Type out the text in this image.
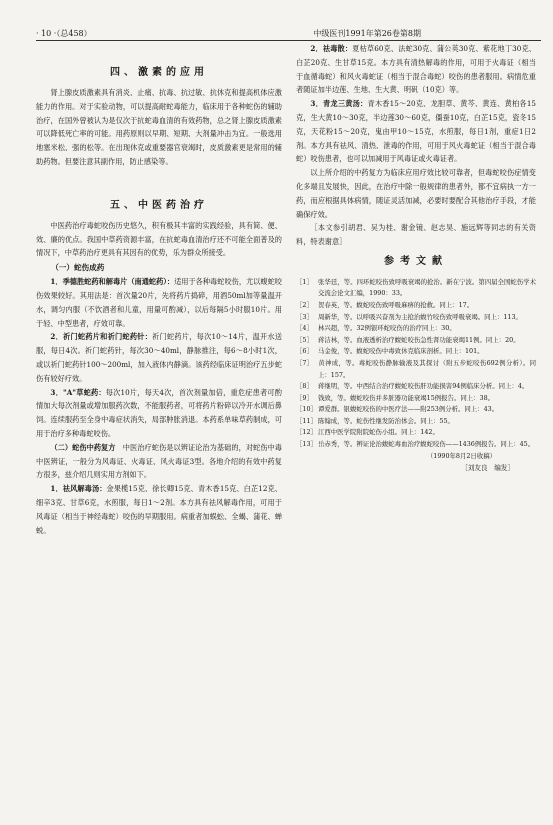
· 10 ·（总458）	中级医刊1991年第26卷第8期
四、激素的应用

肾上腺皮质激素具有消炎、止痛、抗毒、抗过敏、抗休克和提高机体应激能力的作用。对于实验动物，可以提高耐蛇毒能力，临床用于各种蛇伤的辅助治疗，在国外曾被认为是仅次于抗蛇毒血清的有效药物，总之肾上腺皮质激素可以降低死亡率的可能。用药原则以早期、短期、大剂量冲击为宜。一般选用地塞米松、强的松等。在出现休克或重要器官衰竭时，皮质激素更是常用的辅助药物。但要注意其副作用，防止感染等。

五、中医药治疗

中医药治疗毒蛇咬伤历史悠久，积有极其丰富的实践经验，具有简、便、效、廉的优点。我国中草药资源丰富，在抗蛇毒血清治疗还不可能全面普及的情况下，中草药治疗更具有其因有的优势，乐为群众所接受。

（一）蛇伤成药

1．季德胜蛇药和解毒片（南通蛇药）：适用于各种毒蛇咬伤，尤以蝮蛇咬伤效果较好。其用法是：首次量20片，先将药片捣碎，用酒50ml加等量温开水，调匀内服（不饮酒者和儿童，用量可酌减），以后每隔5小时服10片。用于轻、中型患者，疗效可靠。

2．祈门蛇药片和祈门蛇药针：祈门蛇药片，每次10～14片，温开水送服，每日4次。祈门蛇药针，每次30～40ml，静脉推注，每6～8小时1次，或以祈门蛇药针100～200ml，加入液体内静滴。该药经临床证明治疗五步蛇伤有较好疗效。

3．"A"草蛇药：每次10片，每天4次，首次剂量加倍，重危症患者可酌情加大每次剂量或增加服药次数，不能服药者，可将药片粉碎以冷开水调后鼻饲。连续服药至全身中毒症状消失，局部肿胀消退。本药系单味草药制成，可用于治疗多种毒蛇咬伤。

（二）蛇伤中药复方　 中医治疗蛇伤是以辨证论治为基础的，对蛇伤中毒中医辨证，一般分为风毒证、火毒证、风火毒证3型。各地介绍的有效中药复方很多，兹介绍几则实用方剂如下。

1．祛风解毒汤：金果榄15克、徐长卿15克、青木香15克、白芷12克、细辛3克、甘草6克，水煎服，每日1～2剂。本方具有祛风解毒作用，可用于风毒证（相当于神经毒蛇）咬伤的早期服用。病重者加蜈蚣、全蝎、蒲花、蝉蜕。

2．祛毒散：夏枯草60克、法蛇30克、蒲公英30克、紫花地丁30克、白芷20克、生甘草15克。本方具有清热解毒的作用，可用于火毒证（相当于血循毒蛇）和风火毒蛇证（相当于混合毒蛇）咬伤的患者服用。病情危重者随证加半边莲、生地、生大黄、明矾（10克）等。

3．青龙三黄汤：青木香15～20克、龙胆草、黄芩、黄连、黄柏各15克，生大黄10～30克，半边莲30～60克，僵蚕10克，白芷15克，瓷冬15克，天花粉15～20克，鬼由甲10～15克，水煎服，每日1剂，重症1日2剂。本方具有祛风、清热、泄毒的作用，可用于风火毒蛇证（相当于混合毒蛇）咬伤患者，也可以加减用于风毒证或火毒证者。

以上所介绍的中药复方为临床应用疗效比较可靠者，但毒蛇咬伤症情变化多端且发展快，因此，在治疗中除一般规律的患者外，都不宜病执一方一药，而应根据具体病情，随证灵活加减，必要时要配合其他治疗手段，才能确保疗效。

［本文参引胡君、吴为桂、谢金镜、赵志昊、施远辉等同志的有关资料，特表谢意］

参考文献
［1］ 张华廷，等。四环蛇咬伤致呼吸衰竭的抢治。新在宁波。第四届全国蛇伤学术交流会论文汇编，1990：33。
［2］ 贺春英，等。蝮蛇咬伤致呼吸麻痹的抢救。同上：17。
［3］ 周新华，等。以呼吸兴奋剂为主抢治蝮竹咬伤致呼吸衰竭。同上：113。
［4］ 林兴超，等。32例银环蛇咬伤的治疗同上：30。
［5］ 蒋洁林，等。血液透析治疗蝮蛇咬伤急性肾功能衰竭11例。同上：20。
［6］ 马金俊，等。蝮蛇咬伤中毒致休克临床剖析。同上：101。
［7］ 黄神成，等。毒蛇咬伤静脉输液及其探讨（附五步蛇咬伤692例分析）。同上：157。
［8］ 蒋继明，等。中西结合治疗蝮蛇咬伤肝功能损害94例临床分析。同上：4。
［9］ 钱致，等。蝮蛇咬伤并多脏器功能衰竭15例报告。同上：38。
［10］谭爱群。银蝮蛇咬伤的中医疗法——附253例分析。同上：43。
［11］陈翰成，等。蛇伤性继发防治体会。同上：55。
［12］江西中医学院附院蛇伤小组。同上：142。
［13］岳赤秀，等。辨证论治蝮蛇毒血治疗蝮蛇咬伤——1436例报告。同上：45。
（1990年8月2日收稿）
［刘友良　编发］
